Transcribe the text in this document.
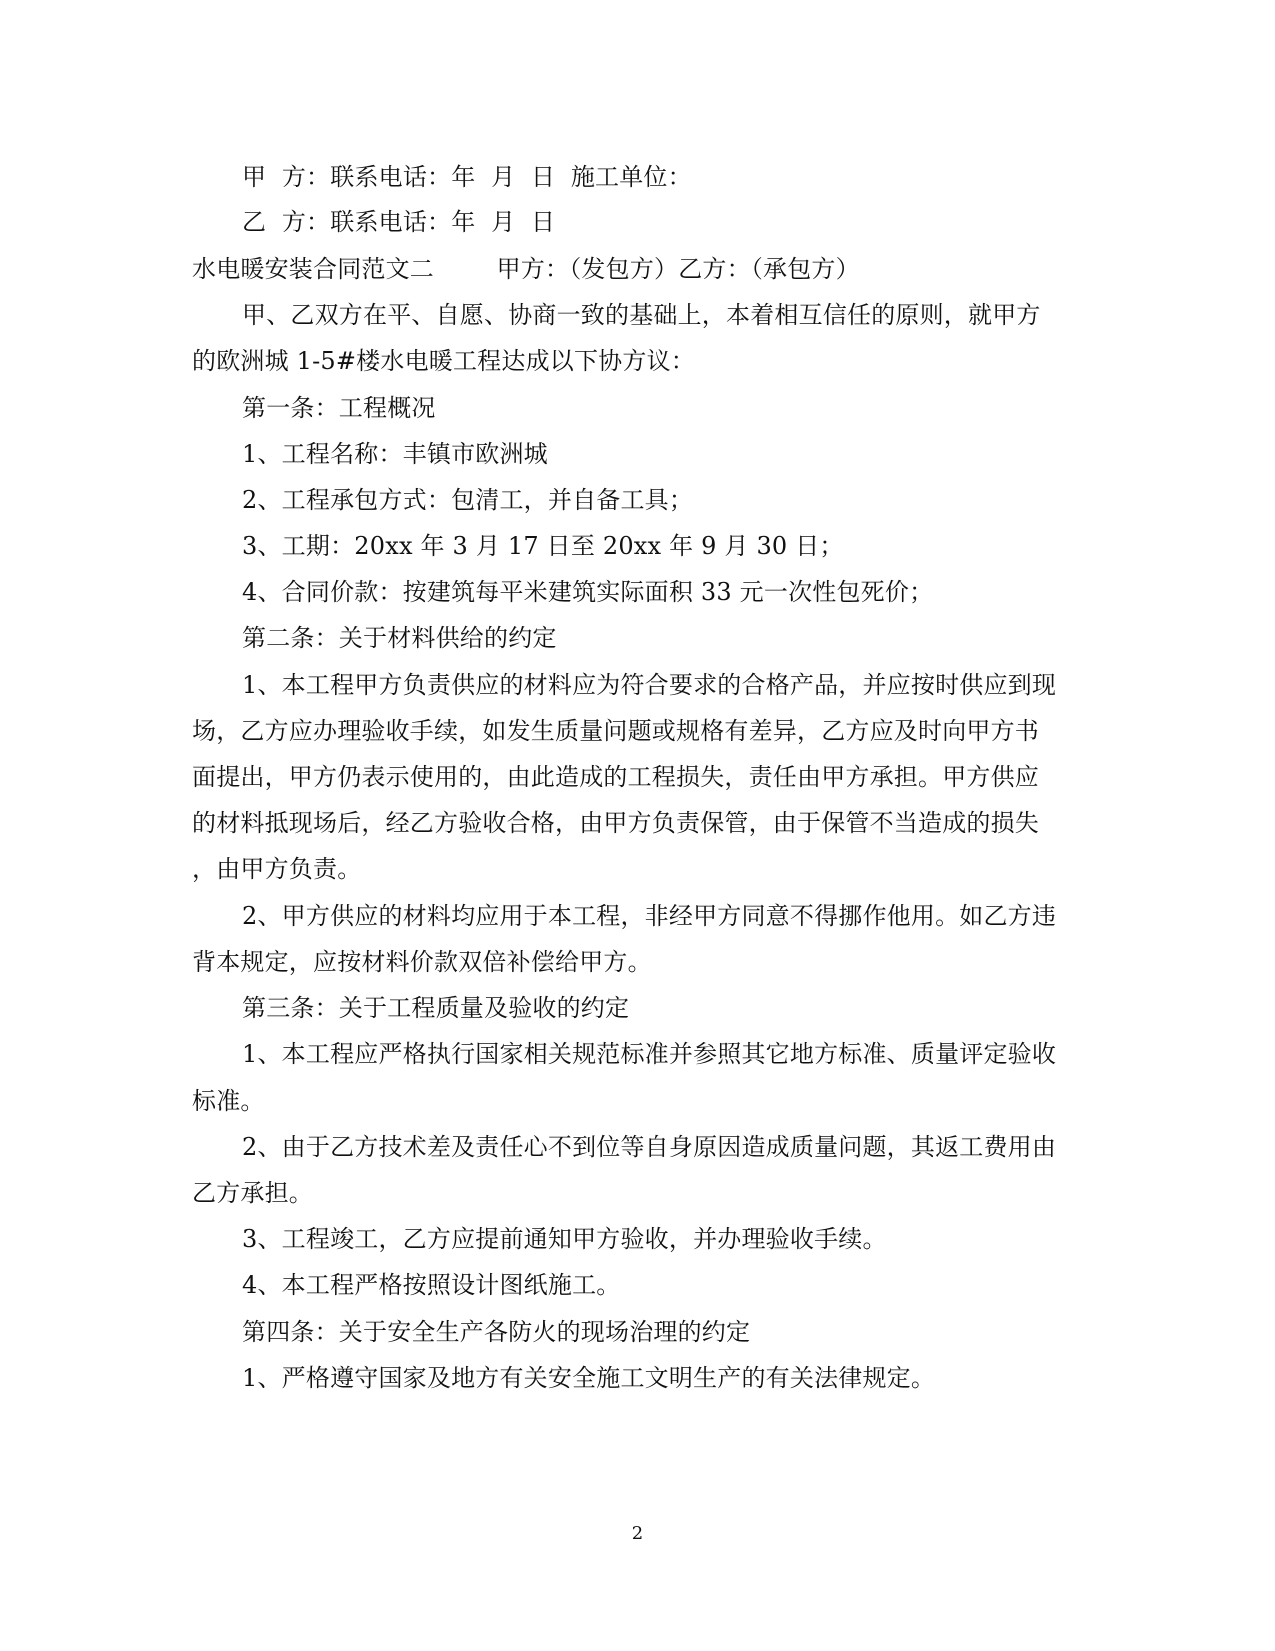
甲  方：联系电话：年  月  日  施工单位：
乙  方：联系电话：年  月  日
水电暖安装合同范文二        甲方：（发包方）乙方：（承包方）
甲、乙双方在平、自愿、协商一致的基础上，本着相互信任的原则，就甲方
的欧洲城 1-5#楼水电暖工程达成以下协方议：
第一条：工程概况
1、工程名称：丰镇市欧洲城
2、工程承包方式：包清工，并自备工具；
3、工期：20xx 年 3 月 17 日至 20xx 年 9 月 30 日；
4、合同价款：按建筑每平米建筑实际面积 33 元一次性包死价；
第二条：关于材料供给的约定
1、本工程甲方负责供应的材料应为符合要求的合格产品，并应按时供应到现
场，乙方应办理验收手续，如发生质量问题或规格有差异，乙方应及时向甲方书
面提出，甲方仍表示使用的，由此造成的工程损失，责任由甲方承担。甲方供应
的材料抵现场后，经乙方验收合格，由甲方负责保管，由于保管不当造成的损失
，由甲方负责。
2、甲方供应的材料均应用于本工程，非经甲方同意不得挪作他用。如乙方违
背本规定，应按材料价款双倍补偿给甲方。
第三条：关于工程质量及验收的约定
1、本工程应严格执行国家相关规范标准并参照其它地方标准、质量评定验收
标准。
2、由于乙方技术差及责任心不到位等自身原因造成质量问题，其返工费用由
乙方承担。
3、工程竣工，乙方应提前通知甲方验收，并办理验收手续。
4、本工程严格按照设计图纸施工。
第四条：关于安全生产各防火的现场治理的约定
1、严格遵守国家及地方有关安全施工文明生产的有关法律规定。
2
